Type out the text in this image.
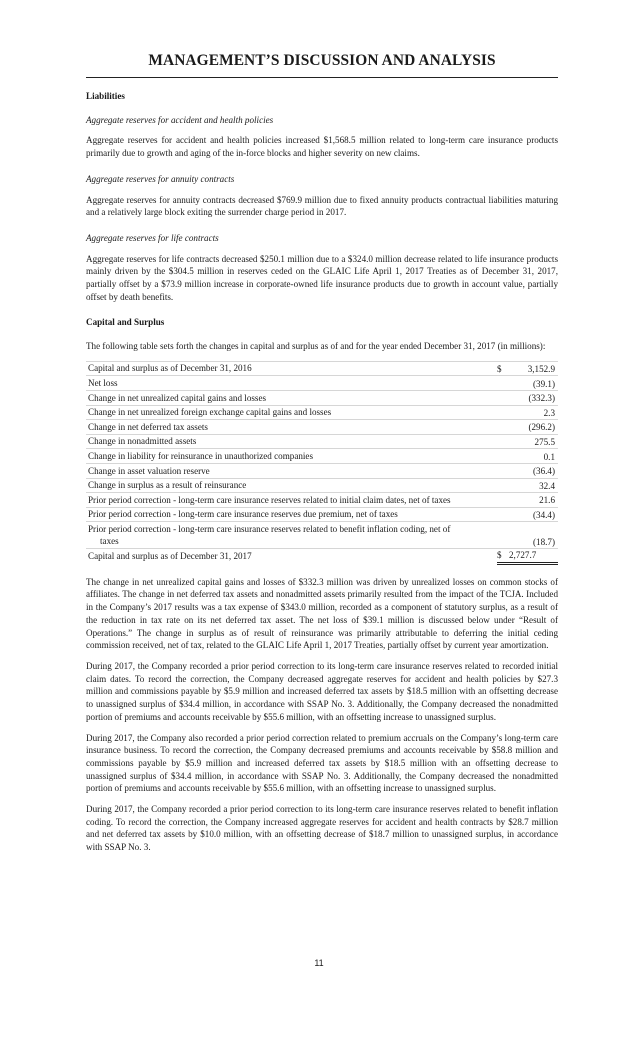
MANAGEMENT’S DISCUSSION AND ANALYSIS
Liabilities
Aggregate reserves for accident and health policies

Aggregate reserves for accident and health policies increased $1,568.5 million related to long-term care insurance products primarily due to growth and aging of the in-force blocks and higher severity on new claims.

Aggregate reserves for annuity contracts

Aggregate reserves for annuity contracts decreased $769.9 million due to fixed annuity products contractual liabilities maturing and a relatively large block exiting the surrender charge period in 2017.

Aggregate reserves for life contracts

Aggregate reserves for life contracts decreased $250.1 million due to a $324.0 million decrease related to life insurance products mainly driven by the $304.5 million in reserves ceded on the GLAIC Life April 1, 2017 Treaties as of December 31, 2017, partially offset by a $73.9 million increase in corporate-owned life insurance products due to growth in account value, partially offset by death benefits.

Capital and Surplus

The following table sets forth the changes in capital and surplus as of and for the year ended December 31, 2017 (in millions):

Capital and surplus as of December 31, 2016	$	3,152.9
Net loss		(39.1)
Change in net unrealized capital gains and losses		(332.3)
Change in net unrealized foreign exchange capital gains and losses		2.3
Change in net deferred tax assets		(296.2)
Change in nonadmitted assets		275.5
Change in liability for reinsurance in unauthorized companies		0.1
Change in asset valuation reserve		(36.4)
Change in surplus as a result of reinsurance		32.4
Prior period correction - long-term care insurance reserves related to initial claim dates, net of taxes		21.6
Prior period correction - long-term care insurance reserves due premium, net of taxes		(34.4)

Prior period correction - long-term care insurance reserves related to benefit inflation coding, net of
taxes		(18.7)
Capital and surplus as of December 31, 2017	$	2,727.7

The change in net unrealized capital gains and losses of $332.3 million was driven by unrealized losses on common stocks of affiliates. The change in net deferred tax assets and nonadmitted assets primarily resulted from the impact of the TCJA. Included in the Company’s 2017 results was a tax expense of $343.0 million, recorded as a component of statutory surplus, as a result of the reduction in tax rate on its net deferred tax asset. The net loss of $39.1 million is discussed below under “Result of Operations.” The change in surplus as of result of reinsurance was primarily attributable to deferring the initial ceding commission received, net of tax, related to the GLAIC Life April 1, 2017 Treaties, partially offset by current year amortization.

During 2017, the Company recorded a prior period correction to its long-term care insurance reserves related to recorded initial claim dates. To record the correction, the Company decreased aggregate reserves for accident and health policies by $27.3 million and commissions payable by $5.9 million and increased deferred tax assets by $18.5 million with an offsetting decrease to unassigned surplus of $34.4 million, in accordance with SSAP No. 3. Additionally, the Company decreased the nonadmitted portion of premiums and accounts receivable by $55.6 million, with an offsetting increase to unassigned surplus.

During 2017, the Company also recorded a prior period correction related to premium accruals on the Company’s long-term care insurance business. To record the correction, the Company decreased premiums and accounts receivable by $58.8 million and commissions payable by $5.9 million and increased deferred tax assets by $18.5 million with an offsetting decrease to unassigned surplus of $34.4 million, in accordance with SSAP No. 3. Additionally, the Company decreased the nonadmitted portion of premiums and accounts receivable by $55.6 million, with an offsetting increase to unassigned surplus.

During 2017, the Company recorded a prior period correction to its long-term care insurance reserves related to benefit inflation coding. To record the correction, the Company increased aggregate reserves for accident and health contracts by $28.7 million and net deferred tax assets by $10.0 million, with an offsetting decrease of $18.7 million to unassigned surplus, in accordance with SSAP No. 3.

11
